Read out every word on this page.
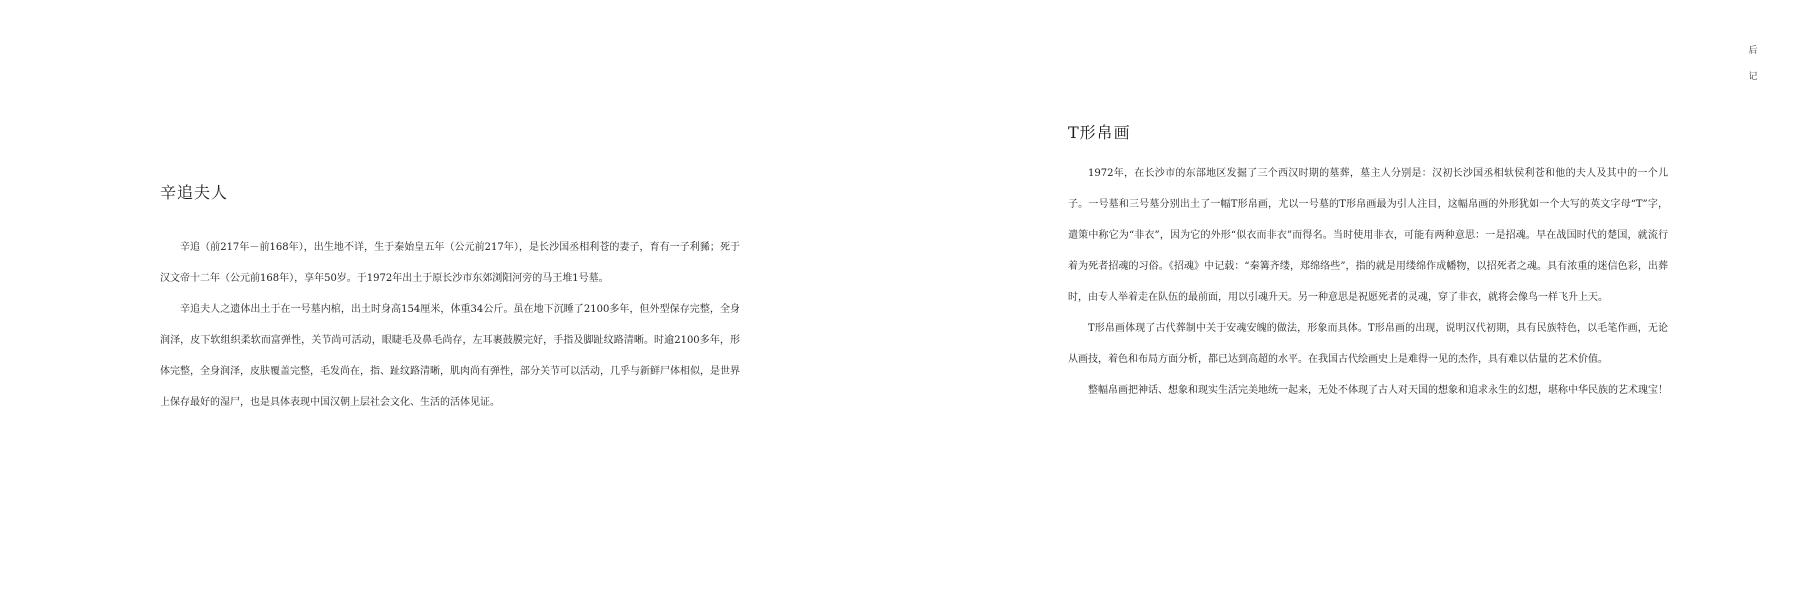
辛追夫人

辛追（前217年－前168年），出生地不详，生于秦始皇五年（公元前217年），是长沙国丞相利苍的妻子，育有一子利豨；死于汉文帝十二年（公元前168年），享年50岁。于1972年出土于原长沙市东郊浏阳河旁的马王堆1号墓。

辛追夫人之遗体出土于在一号墓内棺，出土时身高154厘米，体重34公斤。虽在地下沉睡了2100多年，但外型保存完整，全身润泽，皮下软组织柔软而富弹性，关节尚可活动，眼睫毛及鼻毛尚存，左耳裹鼓膜完好，手指及脚趾纹路清晰。时逾2100多年，形体完整，全身润泽，皮肤覆盖完整，毛发尚在，指、趾纹路清晰，肌肉尚有弹性，部分关节可以活动，几乎与新鲜尸体相似，是世界上保存最好的湿尸，也是具体表现中国汉朝上层社会文化、生活的活体见证。

T形帛画

1972年，在长沙市的东部地区发掘了三个西汉时期的墓葬，墓主人分别是：汉初长沙国丞相轪侯利苍和他的夫人及其中的一个儿子。一号墓和三号墓分别出土了一幅T形帛画，尤以一号墓的T形帛画最为引人注目，这幅帛画的外形犹如一个大写的英文字母“T”字，遣策中称它为“非衣”，因为它的外形“似衣而非衣”而得名。当时使用非衣，可能有两种意思：一是招魂。早在战国时代的楚国，就流行着为死者招魂的习俗。《招魂》中记载：“秦篝齐缕，郑绵络些”，指的就是用缕绵作成幡物，以招死者之魂。具有浓重的迷信色彩，出葬时，由专人举着走在队伍的最前面，用以引魂升天。另一种意思是祝愿死者的灵魂，穿了非衣，就将会像鸟一样飞升上天。

T形帛画体现了古代葬制中关于安魂安魄的做法，形象而具体。T形帛画的出现，说明汉代初期，具有民族特色，以毛笔作画，无论从画技，着色和布局方面分析，都已达到高超的水平。在我国古代绘画史上是难得一见的杰作，具有难以估量的艺术价值。

整幅帛画把神话、想象和现实生活完美地统一起来，无处不体现了古人对天国的想象和追求永生的幻想，堪称中华民族的艺术瑰宝！

后
记
